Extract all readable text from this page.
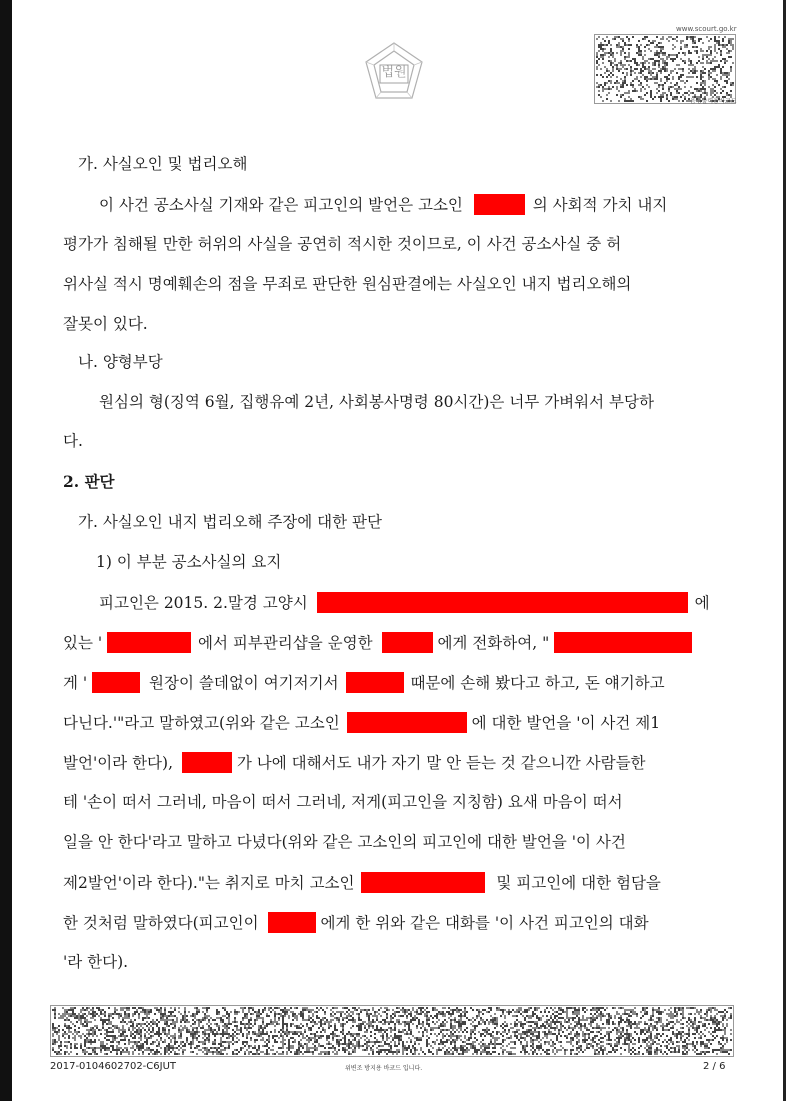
법원
www.scourt.go.kr
음성출력용바코드
가. 사실오인 및 법리오해
이 사건 공소사실 기재와 같은 피고인의 발언은 고소인	의 사회적 가치 내지
평가가 침해될 만한 허위의 사실을 공연히 적시한 것이므로, 이 사건 공소사실 중 허
위사실 적시 명예훼손의 점을 무죄로 판단한 원심판결에는 사실오인 내지 법리오해의
잘못이 있다.
나. 양형부당
원심의 형(징역 6월, 집행유예 2년, 사회봉사명령 80시간)은 너무 가벼워서 부당하
다.
2. 판단
가. 사실오인 내지 법리오해 주장에 대한 판단
1) 이 부분 공소사실의 요지
피고인은 2015. 2.말경 고양시	에
있는 '	에서 피부관리샵을 운영한	에게 전화하여, "
게 '	원장이 쓸데없이 여기저기서	때문에 손해 봤다고 하고, 돈 얘기하고
다닌다.'"라고 말하였고(위와 같은 고소인	에 대한 발언을 '이 사건 제1
발언'이라 한다),	가 나에 대해서도 내가 자기 말 안 듣는 것 같으니깐 사람들한
테 '손이 떠서 그러네, 마음이 떠서 그러네, 저게(피고인을 지칭함) 요새 마음이 떠서
일을 안 한다'라고 말하고 다녔다(위와 같은 고소인의 피고인에 대한 발언을 '이 사건
제2발언'이라 한다)."는 취지로 마치 고소인	및 피고인에 대한 험담을
한 것처럼 말하였다(피고인이	에게 한 위와 같은 대화를 '이 사건 피고인의 대화
'라 한다).
2017-0104602702-C6JUT	위변조 방지용 바코드 입니다.	2 / 6
